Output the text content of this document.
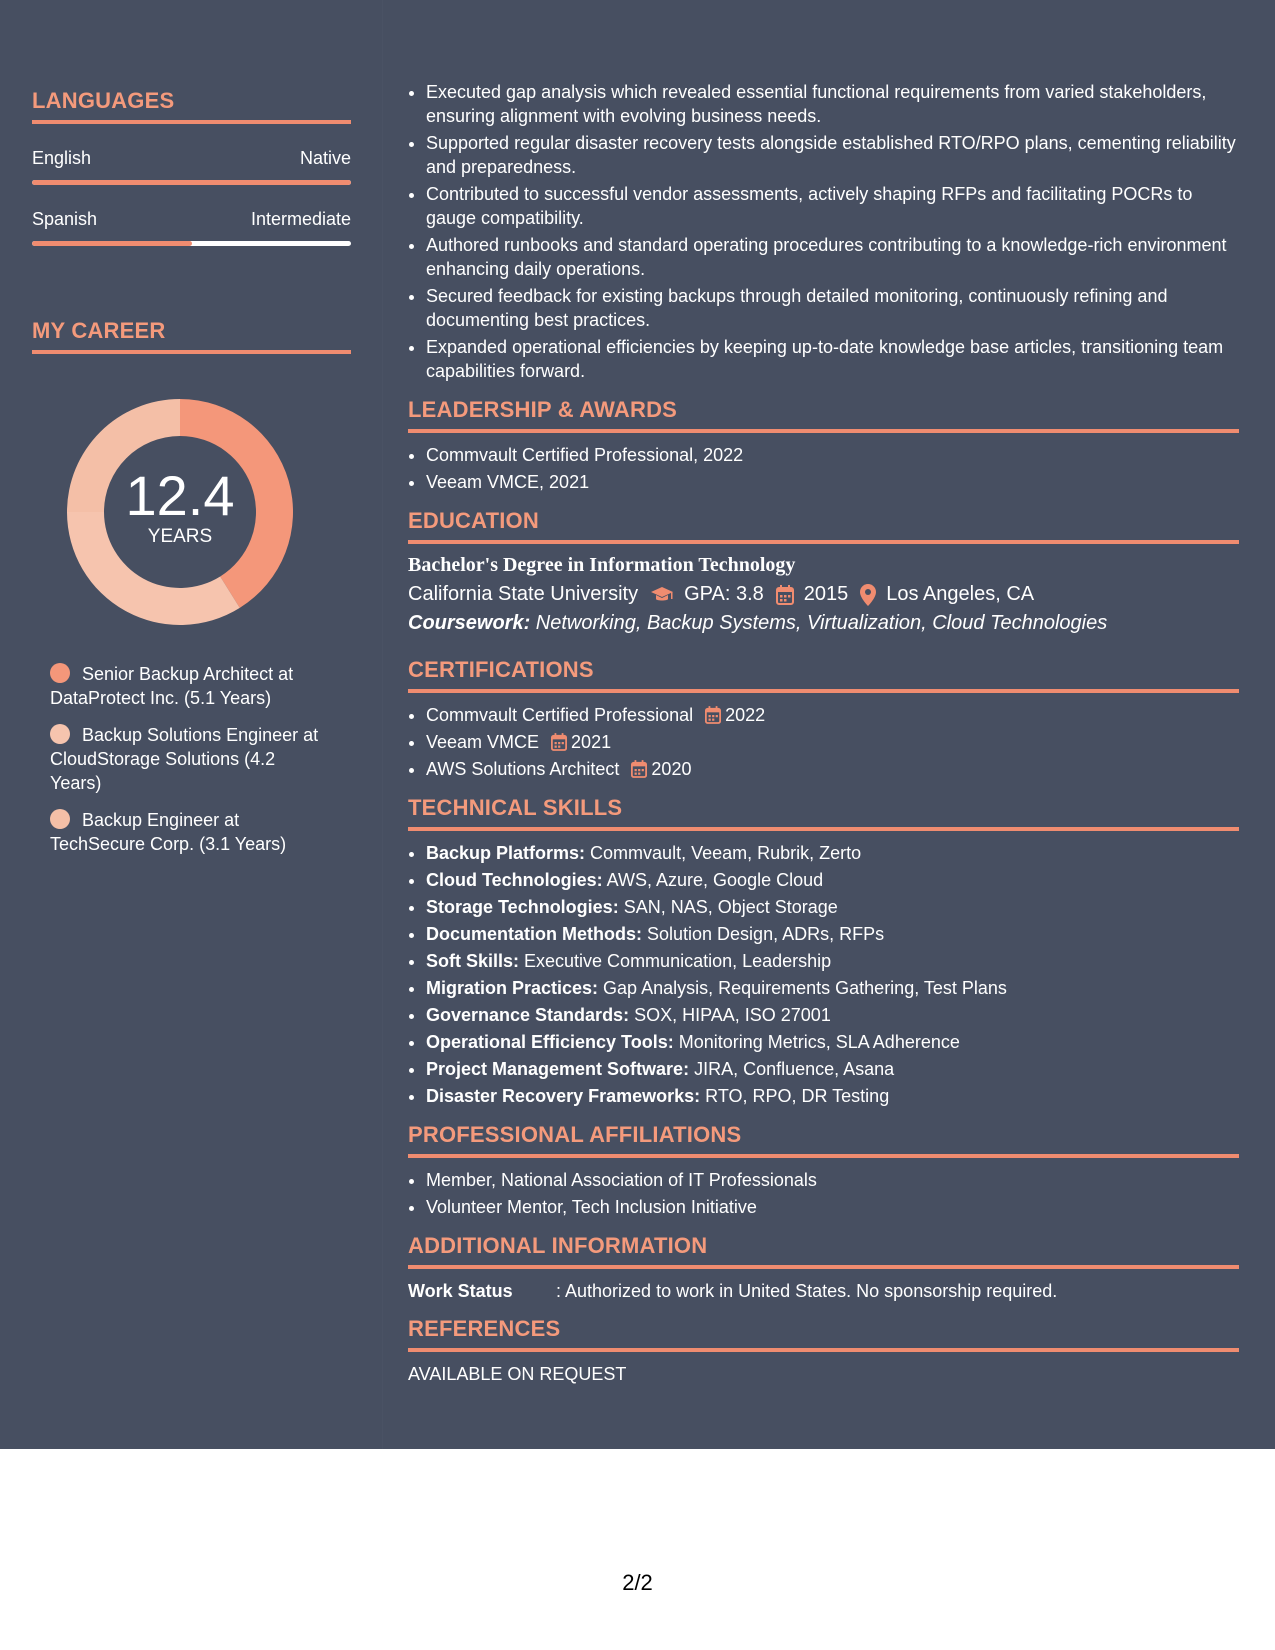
LANGUAGES
English	Native
Spanish	Intermediate
MY CAREER
12.4
YEARS
Senior Backup Architect at DataProtect Inc. (5.1 Years)
Backup Solutions Engineer at CloudStorage Solutions (4.2 Years)
Backup Engineer at TechSecure Corp. (3.1 Years)
• Executed gap analysis which revealed essential functional requirements from varied stakeholders, ensuring alignment with evolving business needs.
• Supported regular disaster recovery tests alongside established RTO/RPO plans, cementing reliability and preparedness.
• Contributed to successful vendor assessments, actively shaping RFPs and facilitating POCRs to gauge compatibility.
• Authored runbooks and standard operating procedures contributing to a knowledge-rich environment enhancing daily operations.
• Secured feedback for existing backups through detailed monitoring, continuously refining and documenting best practices.
• Expanded operational efficiencies by keeping up-to-date knowledge base articles, transitioning team capabilities forward.
LEADERSHIP & AWARDS
• Commvault Certified Professional, 2022
• Veeam VMCE, 2021
EDUCATION
Bachelor's Degree in Information Technology
California State University GPA: 3.8 2015 Los Angeles, CA
Coursework: Networking, Backup Systems, Virtualization, Cloud Technologies
CERTIFICATIONS
• Commvault Certified Professional 2022
• Veeam VMCE 2021
• AWS Solutions Architect 2020
TECHNICAL SKILLS
• Backup Platforms: Commvault, Veeam, Rubrik, Zerto
• Cloud Technologies: AWS, Azure, Google Cloud
• Storage Technologies: SAN, NAS, Object Storage
• Documentation Methods: Solution Design, ADRs, RFPs
• Soft Skills: Executive Communication, Leadership
• Migration Practices: Gap Analysis, Requirements Gathering, Test Plans
• Governance Standards: SOX, HIPAA, ISO 27001
• Operational Efficiency Tools: Monitoring Metrics, SLA Adherence
• Project Management Software: JIRA, Confluence, Asana
• Disaster Recovery Frameworks: RTO, RPO, DR Testing
PROFESSIONAL AFFILIATIONS
• Member, National Association of IT Professionals
• Volunteer Mentor, Tech Inclusion Initiative
ADDITIONAL INFORMATION
Work Status	: Authorized to work in United States. No sponsorship required.
REFERENCES
AVAILABLE ON REQUEST
2/2
